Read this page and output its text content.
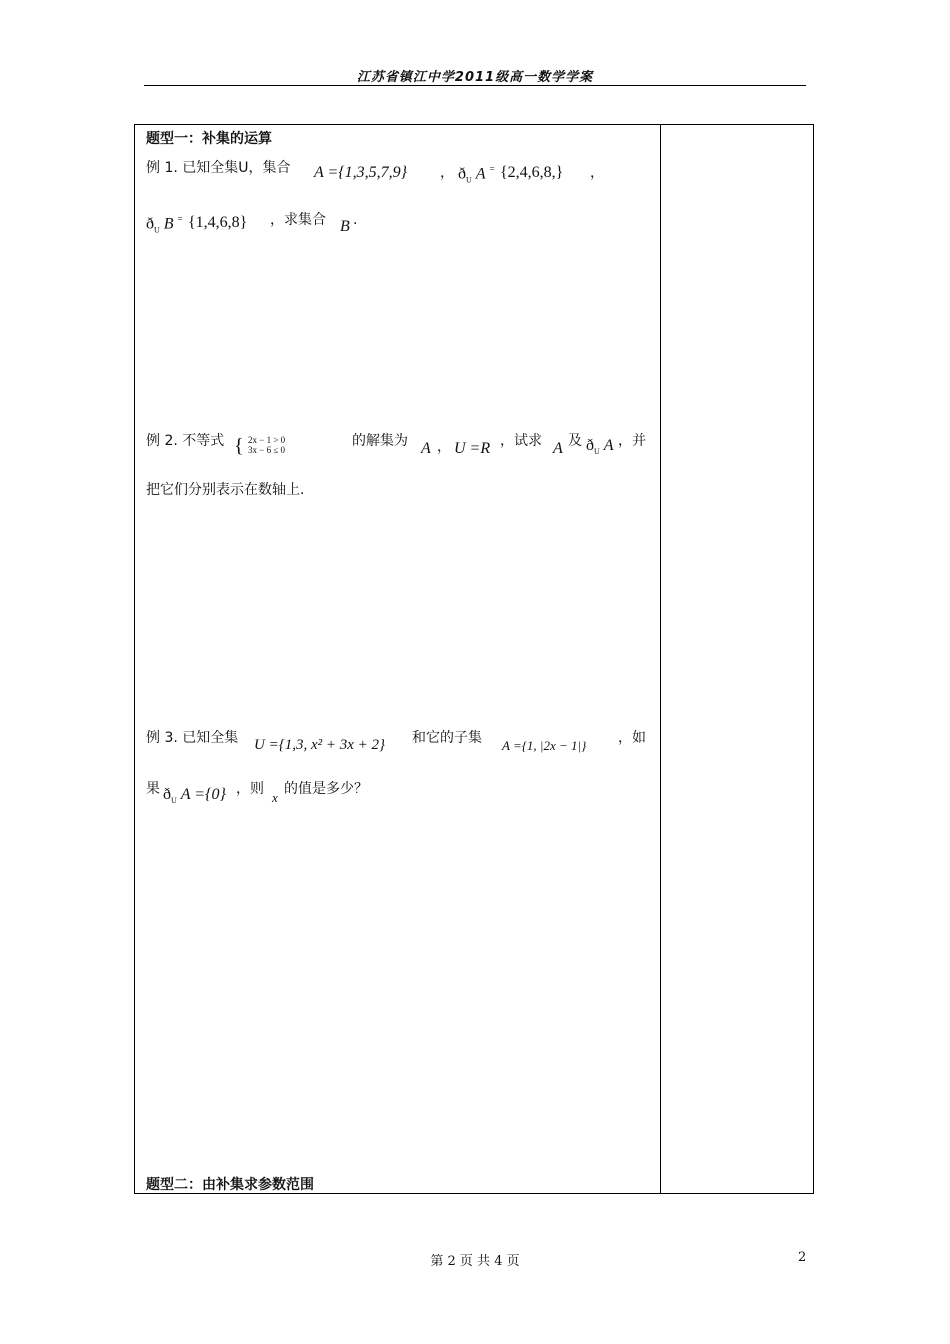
江苏省镇江中学2011级高一数学学案
题型一：补集的运算
例 1. 已知全集U，集合 A ={1,3,5,7,9} ， $ð_U$ A = {2,4,6,8,} ，
$ð_U$ B = {1,4,6,8} ，求集合 B .
例 2. 不等式 { 2x − 1 > 0
3x − 6 ≤ 0
的解集为 A ， U =R ，试求 A 及 $ð_U$ A ，并
把它们分别表示在数轴上.
例 3. 已知全集 U ={1,3, x² + 3x + 2} 和它的子集 A ={1, |2x − 1|} ，如
果 $ð_U$ A ={0} ，则
x
的值是多少？
题型二：由补集求参数范围
第 2 页 共 4 页	2
